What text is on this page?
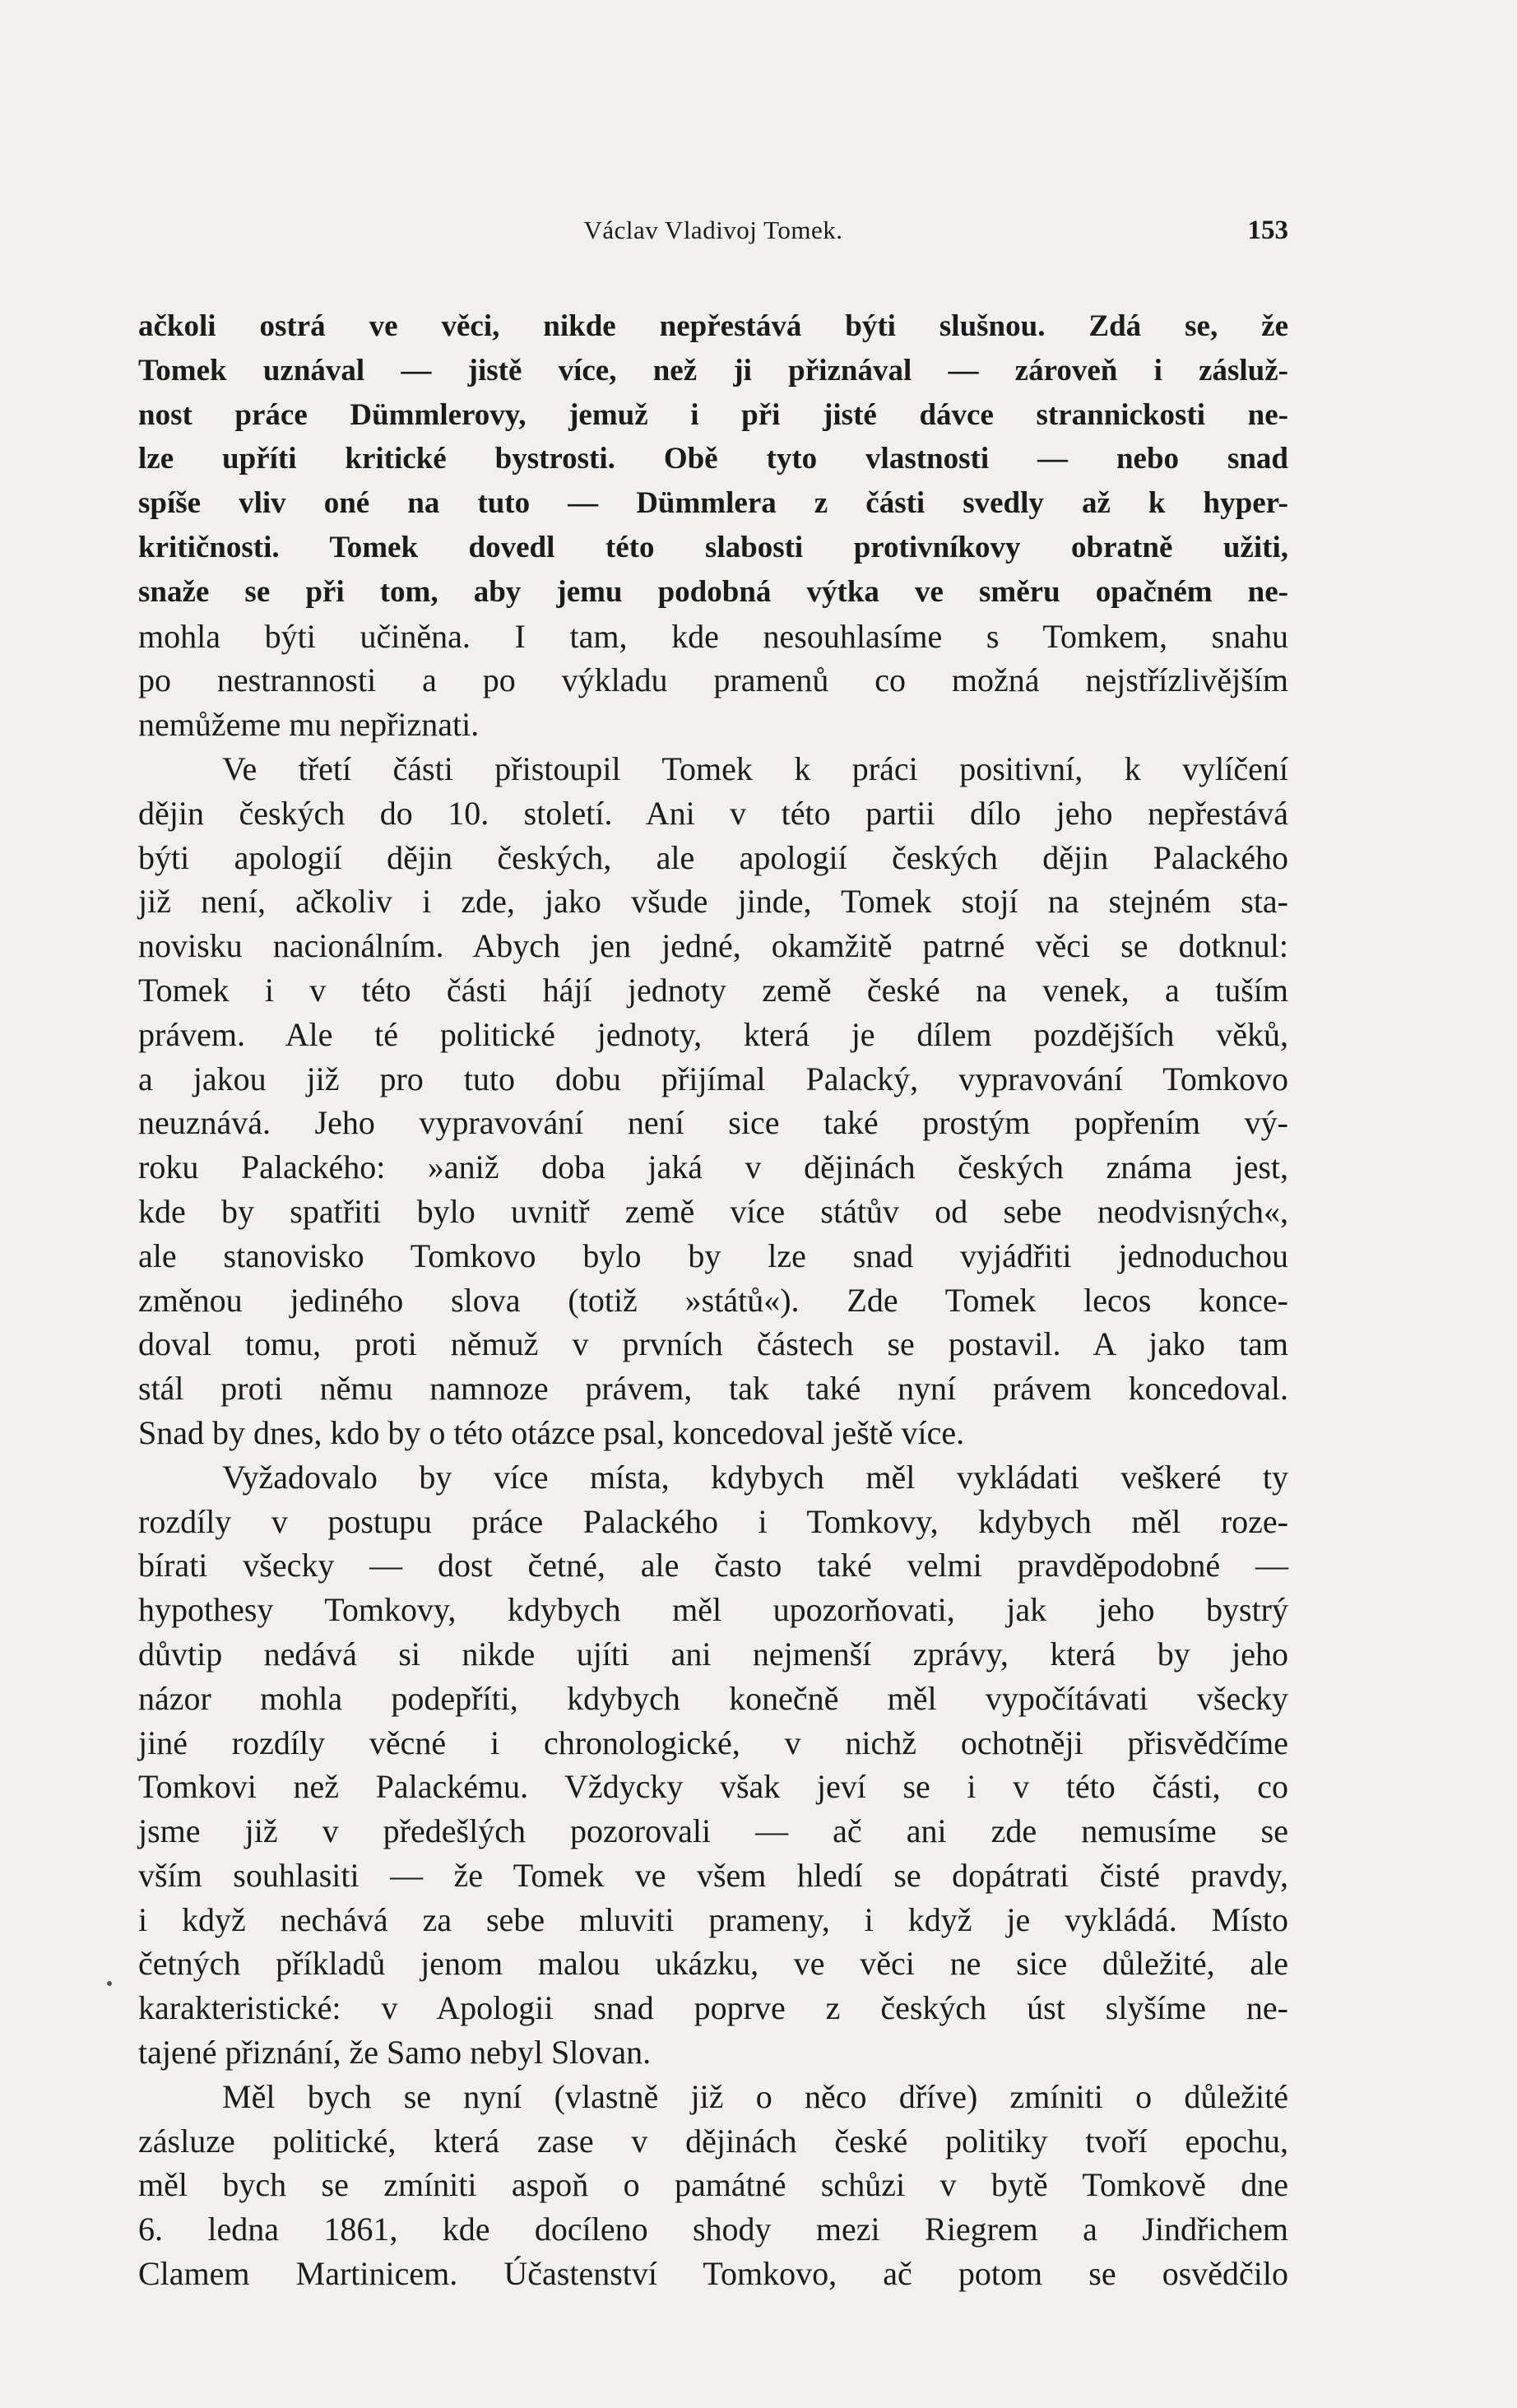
Václav Vladivoj Tomek.	153
ačkoli ostrá ve věci, nikde nepřestává býti slušnou. Zdá se, že
Tomek uznával — jistě více, než ji přiznával — zároveň i zásluž-
nost práce Dümmlerovy, jemuž i při jisté dávce strannickosti ne-
lze upříti kritické bystrosti. Obě tyto vlastnosti — nebo snad
spíše vliv oné na tuto — Dümmlera z části svedly až k hyper-
kritičnosti. Tomek dovedl této slabosti protivníkovy obratně užiti,
snaže se při tom, aby jemu podobná výtka ve směru opačném ne-
mohla býti učiněna. I tam, kde nesouhlasíme s Tomkem, snahu
po nestrannosti a po výkladu pramenů co možná nejstřízlivějším
nemůžeme mu nepřiznati.
Ve třetí části přistoupil Tomek k práci positivní, k vylíčení
dějin českých do 10. století. Ani v této partii dílo jeho nepřestává
býti apologií dějin českých, ale apologií českých dějin Palackého
již není, ačkoliv i zde, jako všude jinde, Tomek stojí na stejném sta-
novisku nacionálním. Abych jen jedné, okamžitě patrné věci se dotknul:
Tomek i v této části hájí jednoty země české na venek, a tuším
právem. Ale té politické jednoty, která je dílem pozdějších věků,
a jakou již pro tuto dobu přijímal Palacký, vypravování Tomkovo
neuznává. Jeho vypravování není sice také prostým popřením vý-
roku Palackého: »aniž doba jaká v dějinách českých známa jest,
kde by spatřiti bylo uvnitř země více státův od sebe neodvisných«,
ale stanovisko Tomkovo bylo by lze snad vyjádřiti jednoduchou
změnou jediného slova (totiž »států«). Zde Tomek lecos konce-
doval tomu, proti němuž v prvních částech se postavil. A jako tam
stál proti němu namnoze právem, tak také nyní právem koncedoval.
Snad by dnes, kdo by o této otázce psal, koncedoval ještě více.
Vyžadovalo by více místa, kdybych měl vykládati veškeré ty
rozdíly v postupu práce Palackého i Tomkovy, kdybych měl roze-
bírati všecky — dost četné, ale často také velmi pravděpodobné —
hypothesy Tomkovy, kdybych měl upozorňovati, jak jeho bystrý
důvtip nedává si nikde ujíti ani nejmenší zprávy, která by jeho
názor mohla podepříti, kdybych konečně měl vypočítávati všecky
jiné rozdíly věcné i chronologické, v nichž ochotněji přisvědčíme
Tomkovi než Palackému. Vždycky však jeví se i v této části, co
jsme již v předešlých pozorovali — ač ani zde nemusíme se
vším souhlasiti — že Tomek ve všem hledí se dopátrati čisté pravdy,
i když nechává za sebe mluviti prameny, i když je vykládá. Místo
četných příkladů jenom malou ukázku, ve věci ne sice důležité, ale
karakteristické: v Apologii snad poprve z českých úst slyšíme ne-
tajené přiznání, že Samo nebyl Slovan.
Měl bych se nyní (vlastně již o něco dříve) zmíniti o důležité
zásluze politické, která zase v dějinách české politiky tvoří epochu,
měl bych se zmíniti aspoň o památné schůzi v bytě Tomkově dne
6. ledna 1861, kde docíleno shody mezi Riegrem a Jindřichem
Clamem Martinicem. Účastenství Tomkovo, ač potom se osvědčilo
